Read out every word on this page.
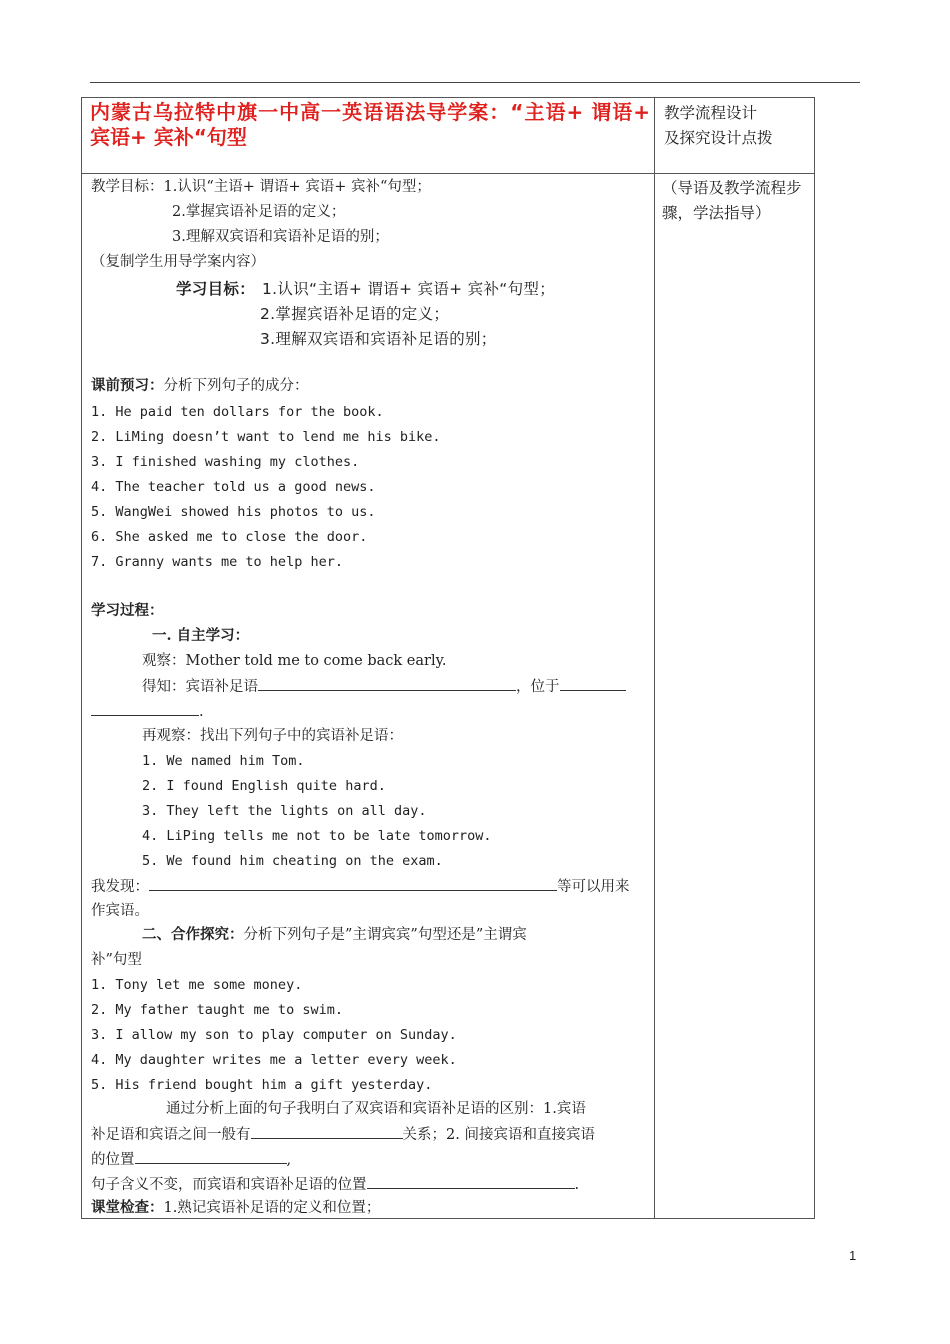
内蒙古乌拉特中旗一中高一英语语法导学案：“主语+ 谓语+ 宾语+ 宾补“句型
教学流程设计
及探究设计点拨
（导语及教学流程步骤，学法指导）
教学目标：1.认识“主语+ 谓语+ 宾语+ 宾补“句型；
2.掌握宾语补足语的定义；
3.理解双宾语和宾语补足语的别；
（复制学生用导学案内容）
学习目标： 1.认识“主语+ 谓语+ 宾语+ 宾补“句型；
2.掌握宾语补足语的定义；
3.理解双宾语和宾语补足语的别；
课前预习：分析下列句子的成分：
1. He paid ten dollars for the book.
2. LiMing doesn’t want to lend me his bike.
3. I finished washing my clothes.
4. The teacher told us a good news.
5. WangWei showed his photos to us.
6. She asked me to close the door.
7. Granny wants me to help her.
学习过程：
一. 自主学习：
观察：Mother told me to come back early.
得知：宾语补足语	，位于
.
再观察：找出下列句子中的宾语补足语：
1. We named him Tom.
2. I found English quite hard.
3. They left the lights on all day.
4. LiPing tells me not to be late tomorrow.
5. We found him cheating on the exam.
我发现：	等可以用来
作宾语。
二、合作探究：分析下列句子是”主谓宾宾”句型还是”主谓宾
补”句型
1. Tony let me some money.
2. My father taught me to swim.
3. I allow my son to play computer on Sunday.
4. My daughter writes me a letter every week.
5. His friend bought him a gift yesterday.
通过分析上面的句子我明白了双宾语和宾语补足语的区别：1.宾语
补足语和宾语之间一般有	关系；2. 间接宾语和直接宾语
的位置	,
句子含义不变，而宾语和宾语补足语的位置	.
课堂检查：1.熟记宾语补足语的定义和位置；
1
